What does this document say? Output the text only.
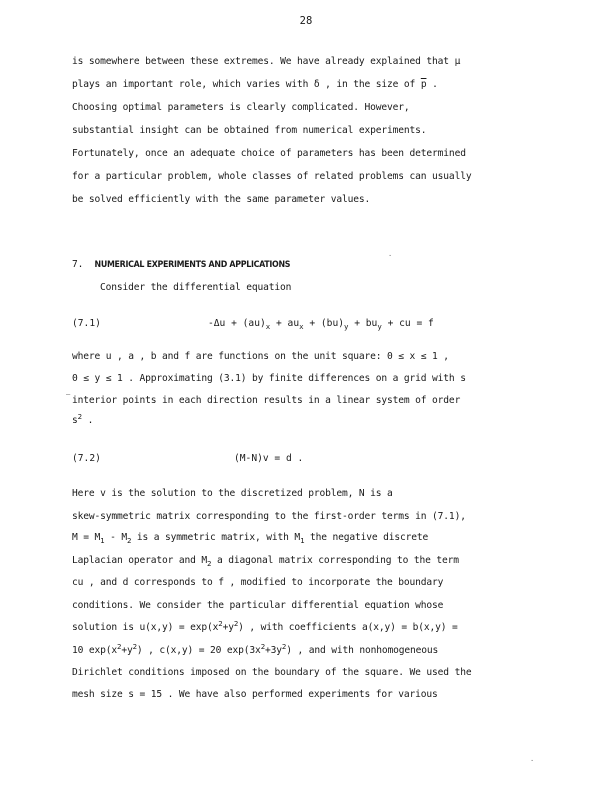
28
is somewhere between these extremes. We have already explained that μ
plays an important role, which varies with δ , in the size of $\overline{p}$ .
Choosing optimal parameters is clearly complicated. However,
substantial insight can be obtained from numerical experiments.
Fortunately, once an adequate choice of parameters has been determined
for a particular problem, whole classes of related problems can usually
be solved efficiently with the same parameter values.
7. NUMERICAL EXPERIMENTS AND APPLICATIONS
Consider the differential equation
(7.1)	$-\Delta u + (au)_x + au_x + (bu)_y + bu_y$ + cu = f
where u , a , b and f are functions on the unit square: 0 ≤ x ≤ 1 ,
0 ≤ y ≤ 1 . Approximating (3.1) by finite differences on a grid with s
interior points in each direction results in a linear system of order
$s^2$ .
(7.2)	(M-N)v = d .
Here v is the solution to the discretized problem, N is a
skew-symmetric matrix corresponding to the first-order terms in (7.1),
$M = M_1 - M_2$ is a symmetric matrix, with $M_1$ the negative discrete
Laplacian operator and $M_2$ a diagonal matrix corresponding to the term
cu , and d corresponds to f , modified to incorporate the boundary
conditions. We consider the particular differential equation whose
solution is $u(x,y) = \exp(x^2+y^2)$ , with coefficients a(x,y) = b(x,y) =
10 $\exp(x^2+y^2)$ , c(x,y) = 20 $\exp(3x^2+3y^2)$ , and with nonhomogeneous
Dirichlet conditions imposed on the boundary of the square. We used the
mesh size s = 15 . We have also performed experiments for various
–
·
·
